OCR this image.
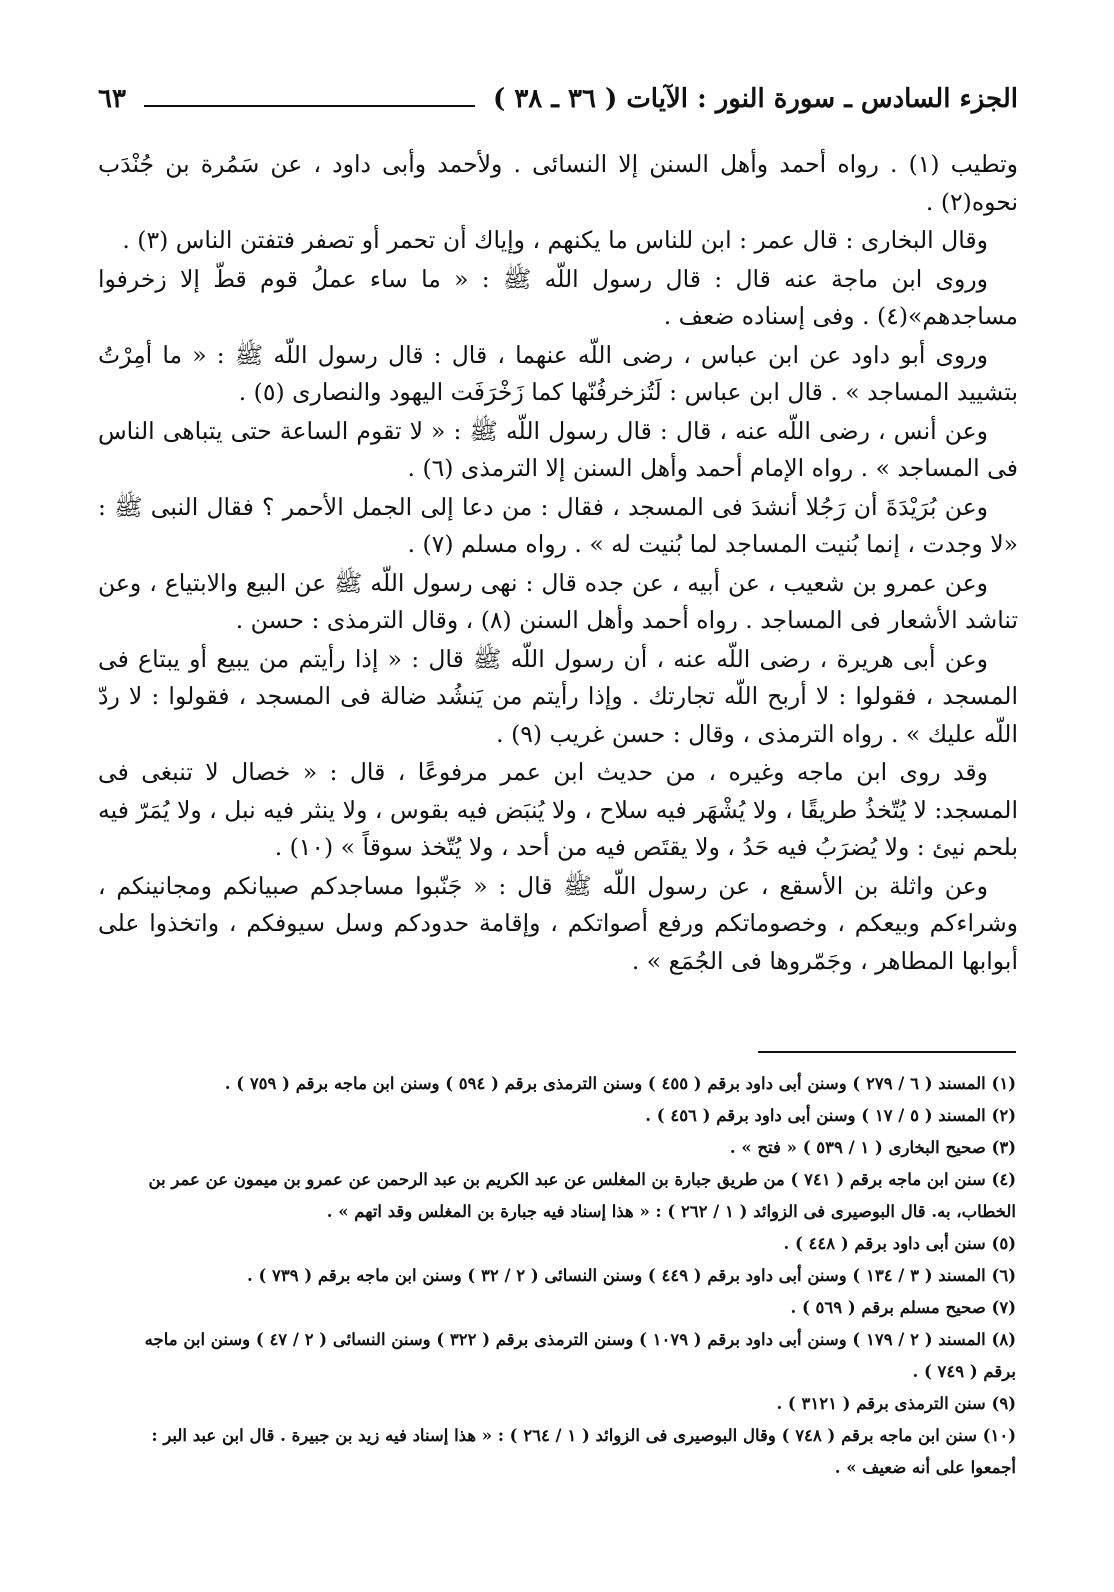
الجزء السادس ـ سورة النور : الآيات ( ٣٦ ـ ٣٨ )
٦٣

وتطيب (١) . رواه أحمد وأهل السنن إلا النسائى . ولأحمد وأبى داود ، عن سَمُرة بن جُنْدَب نحوه(٢) .

وقال البخارى : قال عمر : ابن للناس ما يكنهم ، وإياك أن تحمر أو تصفر فتفتن الناس (٣) .

وروى ابن ماجة عنه قال : قال رسول اللّه ﷺ : « ما ساء عملُ قوم قطّ إلا زخرفوا مساجدهم»(٤) . وفى إسناده ضعف .

وروى أبو داود عن ابن عباس ، رضى اللّه عنهما ، قال : قال رسول اللّه ﷺ : « ما أمِرْتُ بتشييد المساجد » . قال ابن عباس : لَتُزخرفُنّها كما زَخْرَفَت اليهود والنصارى (٥) .

وعن أنس ، رضى اللّه عنه ، قال : قال رسول اللّه ﷺ : « لا تقوم الساعة حتى يتباهى الناس فى المساجد » . رواه الإمام أحمد وأهل السنن إلا الترمذى (٦) .

وعن بُرَيْدَةَ أن رَجُلا أنشدَ فى المسجد ، فقال : من دعا إلى الجمل الأحمر ؟ فقال النبى ﷺ : «لا وجدت ، إنما بُنيت المساجد لما بُنيت له » . رواه مسلم (٧) .

وعن عمرو بن شعيب ، عن أبيه ، عن جده قال : نهى رسول اللّه ﷺ عن البيع والابتياع ، وعن تناشد الأشعار فى المساجد . رواه أحمد وأهل السنن (٨) ، وقال الترمذى : حسن .

وعن أبى هريرة ، رضى اللّه عنه ، أن رسول اللّه ﷺ قال : « إذا رأيتم من يبيع أو يبتاع فى المسجد ، فقولوا : لا أربح اللّه تجارتك . وإذا رأيتم من يَنشُد ضالة فى المسجد ، فقولوا : لا ردّ اللّه عليك » . رواه الترمذى ، وقال : حسن غريب (٩) .

وقد روى ابن ماجه وغيره ، من حديث ابن عمر مرفوعًا ، قال : « خصال لا تنبغى فى المسجد: لا يُتّخذُ طريقًا ، ولا يُشْهَر فيه سلاح ، ولا يُنبَض فيه بقوس ، ولا ينثر فيه نبل ، ولا يُمَرّ فيه بلحم نيئ : ولا يُضرَبُ فيه حَدُ ، ولا يقتَص فيه من أحد ، ولا يُتّخذ سوقاً » (١٠) .

وعن واثلة بن الأسقع ، عن رسول اللّه ﷺ قال : « جَنّبوا مساجدكم صبيانكم ومجانينكم ، وشراءكم وبيعكم ، وخصوماتكم ورفع أصواتكم ، وإقامة حدودكم وسل سيوفكم ، واتخذوا على أبوابها المطاهر ، وجَمّروها فى الجُمَع » .

(١) المسند ( ٦ / ٢٧٩ ) وسنن أبى داود برقم ( ٤٥٥ ) وسنن الترمذى برقم ( ٥٩٤ ) وسنن ابن ماجه برقم ( ٧٥٩ ) .

(٢) المسند ( ٥ / ١٧ ) وسنن أبى داود برقم ( ٤٥٦ ) .

(٣) صحيح البخارى ( ١ / ٥٣٩ ) « فتح » .

(٤) سنن ابن ماجه برقم ( ٧٤١ ) من طريق جبارة بن المغلس عن عبد الكريم بن عبد الرحمن عن عمرو بن ميمون عن عمر بن الخطاب، به. قال البوصيرى فى الزوائد ( ١ / ٢٦٢ ) : « هذا إسناد فيه جبارة بن المغلس وقد اتهم » .

(٥) سنن أبى داود برقم ( ٤٤٨ ) .

(٦) المسند ( ٣ / ١٣٤ ) وسنن أبى داود برقم ( ٤٤٩ ) وسنن النسائى ( ٢ / ٣٢ ) وسنن ابن ماجه برقم ( ٧٣٩ ) .

(٧) صحيح مسلم برقم ( ٥٦٩ ) .

(٨) المسند ( ٢ / ١٧٩ ) وسنن أبى داود برقم ( ١٠٧٩ ) وسنن الترمذى برقم ( ٣٢٢ ) وسنن النسائى ( ٢ / ٤٧ ) وسنن ابن ماجه برقم ( ٧٤٩ ) .

(٩) سنن الترمذى برقم ( ٣١٢١ ) .

(١٠) سنن ابن ماجه برقم ( ٧٤٨ ) وقال البوصيرى فى الزوائد ( ١ / ٢٦٤ ) : « هذا إسناد فيه زيد بن جبيرة . قال ابن عبد البر : أجمعوا على أنه ضعيف » .
